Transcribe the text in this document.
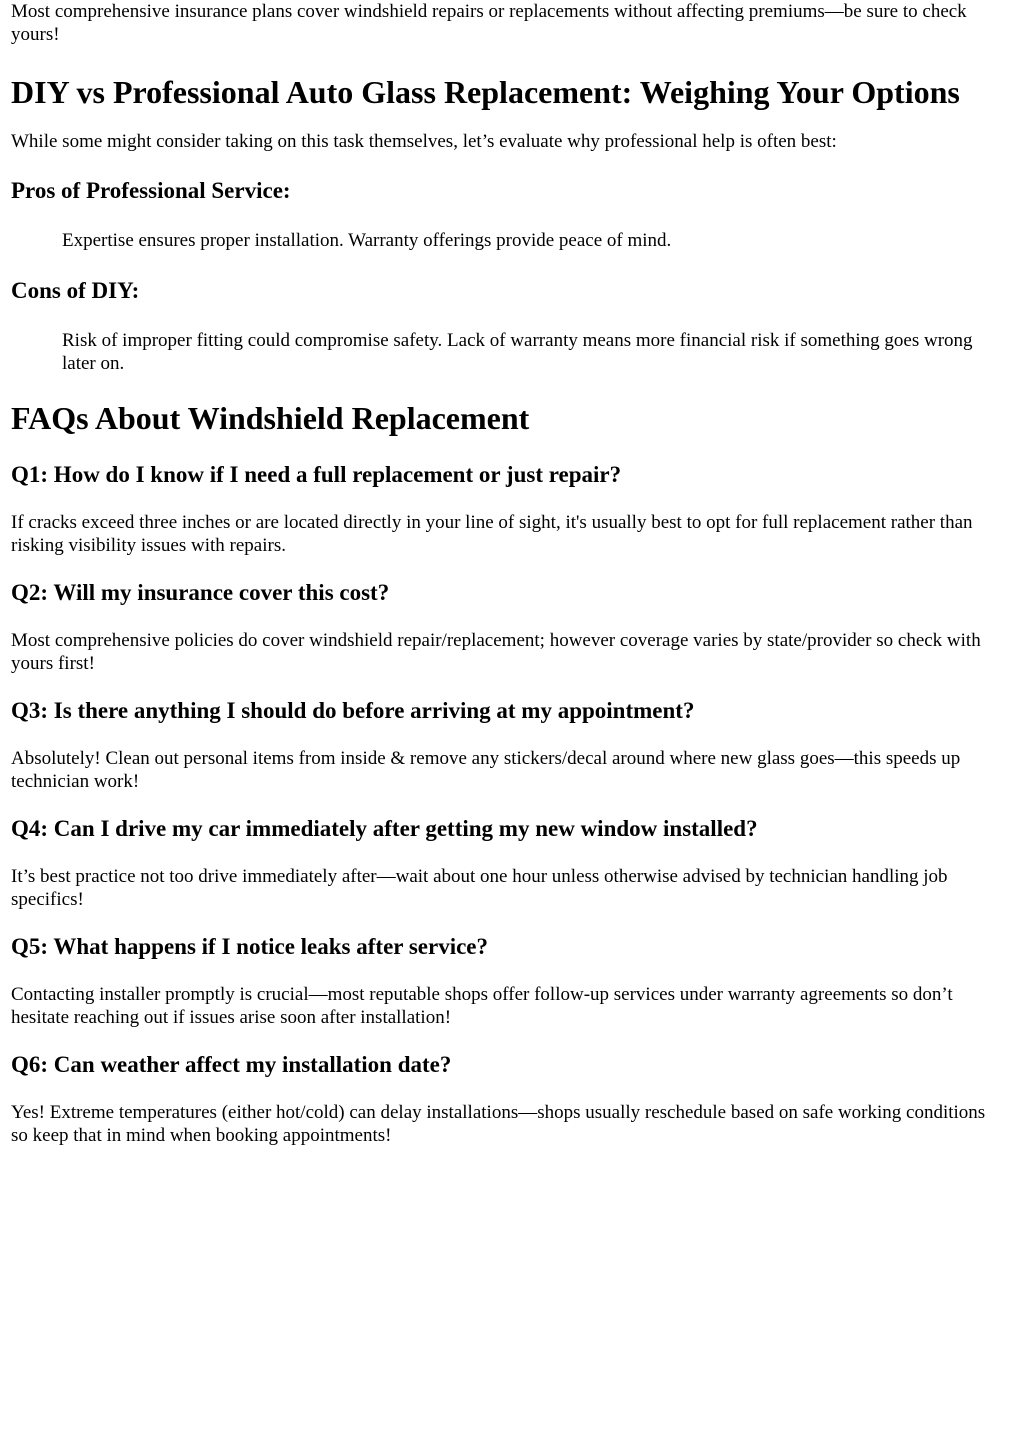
Most comprehensive insurance plans cover windshield repairs or replacements without affecting premiums—be sure to check yours!

DIY vs Professional Auto Glass Replacement: Weighing Your Options

While some might consider taking on this task themselves, let’s evaluate why professional help is often best:

Pros of Professional Service:

Expertise ensures proper installation. Warranty offerings provide peace of mind.

Cons of DIY:

Risk of improper fitting could compromise safety. Lack of warranty means more financial risk if something goes wrong later on.

FAQs About Windshield Replacement
Q1: How do I know if I need a full replacement or just repair?

If cracks exceed three inches or are located directly in your line of sight, it's usually best to opt for full replacement rather than risking visibility issues with repairs.

Q2: Will my insurance cover this cost?

Most comprehensive policies do cover windshield repair/replacement; however coverage varies by state/provider so check with yours first!

Q3: Is there anything I should do before arriving at my appointment?

Absolutely! Clean out personal items from inside & remove any stickers/decal around where new glass goes—this speeds up technician work!

Q4: Can I drive my car immediately after getting my new window installed?

It’s best practice not too drive immediately after—wait about one hour unless otherwise advised by technician handling job specifics!

Q5: What happens if I notice leaks after service?

Contacting installer promptly is crucial—most reputable shops offer follow-up services under warranty agreements so don’t hesitate reaching out if issues arise soon after installation!

Q6: Can weather affect my installation date?

Yes! Extreme temperatures (either hot/cold) can delay installations—shops usually reschedule based on safe working conditions so keep that in mind when booking appointments!
